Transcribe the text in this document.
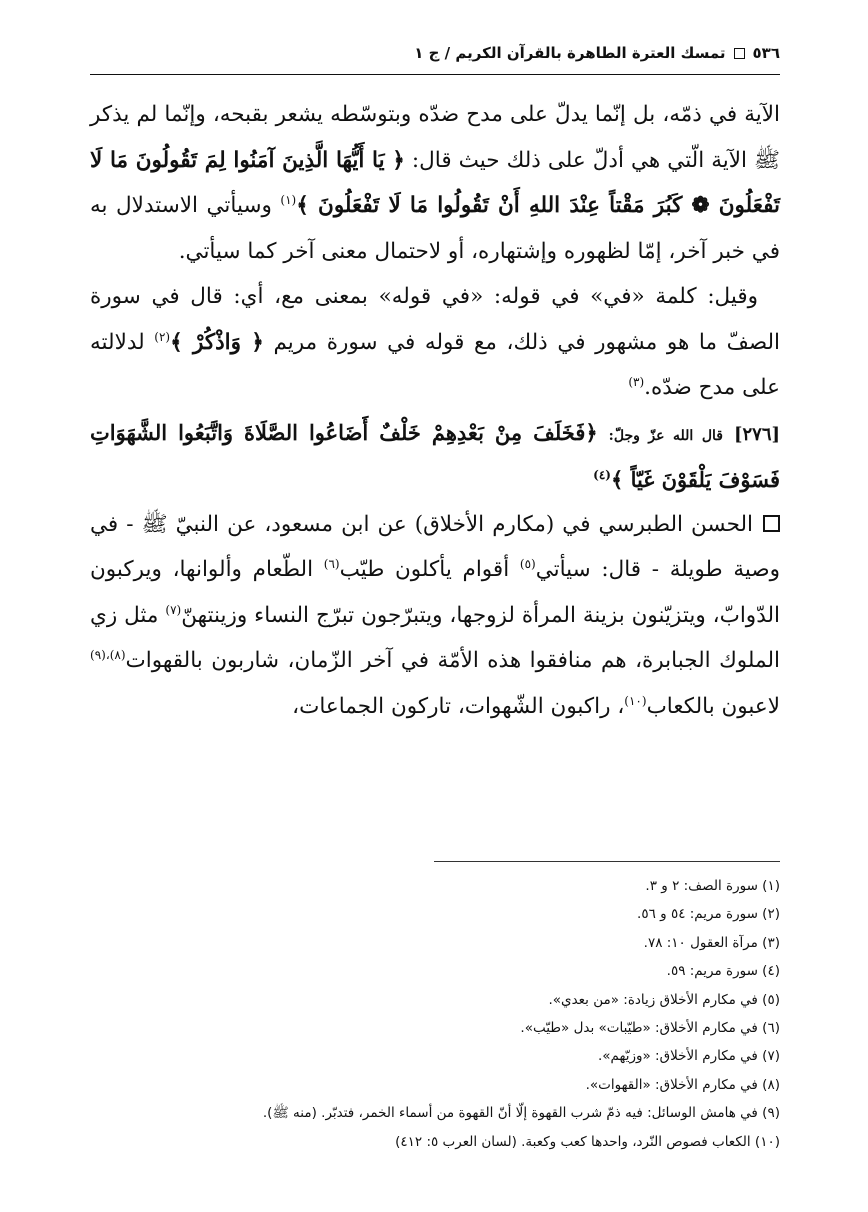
٥٣٦
تمسك العترة الطاهرة بالقرآن الكريم / ج ١

الآية في ذمّه، بل إنّما يدلّ على مدح ضدّه وبتوسّطه يشعر بقبحه، وإنّما لم يذكر ﷺ الآية الّتي هي أدلّ على ذلك حيث قال: ﴿ يَا أَيُّهَا الَّذِينَ آمَنُوا لِمَ تَقُولُونَ مَا لَا تَفْعَلُونَ ❁ كَبُرَ مَقْتاً عِنْدَ اللهِ أَنْ تَقُولُوا مَا لَا تَفْعَلُونَ ﴾$^{(١)}$ وسيأتي الاستدلال به في خبر آخر، إمّا لظهوره وإشتهاره، أو لاحتمال معنى آخر كما سيأتي.

وقيل: كلمة «في» في قوله: «في قوله» بمعنى مع، أي: قال في سورة الصفّ ما هو مشهور في ذلك، مع قوله في سورة مريم ﴿ وَاذْكُرْ ﴾$^{(٢)}$ لدلالته على مدح ضدّه.$^{(٣)}$

[٢٧٦] قال الله عزّ وجلّ: ﴿فَخَلَفَ مِنْ بَعْدِهِمْ خَلْفٌ أَضَاعُوا الصَّلَاةَ وَاتَّبَعُوا الشَّهَوَاتِ فَسَوْفَ يَلْقَوْنَ غَيّاً ﴾$^{(٤)}$

الحسن الطبرسي في (مكارم الأخلاق) عن ابن مسعود، عن النبيّ ﷺ - في وصية طويلة - قال: سيأتي$^{(٥)}$ أقوام يأكلون طيّب$^{(٦)}$ الطّعام وألوانها، ويركبون الدّوابّ، ويتزيّنون بزينة المرأة لزوجها، ويتبرّجون تبرّج النساء وزينتهنّ$^{(٧)}$ مثل زي الملوك الجبابرة، هم منافقوا هذه الأمّة في آخر الزّمان، شاربون بالقهوات$^{(٨)،(٩)}$ لاعبون بالكعاب$^{(١٠)}$، راكبون الشّهوات، تاركون الجماعات،

(١) سورة الصف: ٢ و ٣.
(٢) سورة مريم: ٥٤ و ٥٦.
(٣) مرآة العقول ١٠: ٧٨.
(٤) سورة مريم: ٥٩.
(٥) في مكارم الأخلاق زيادة: «من بعدي».
(٦) في مكارم الأخلاق: «طيّبات» بدل «طيّب».
(٧) في مكارم الأخلاق: «وزيّهم».
(٨) في مكارم الأخلاق: «القهوات».
(٩) في هامش الوسائل: فيه ذمّ شرب القهوة إلّا أنّ القهوة من أسماء الخمر، فتدبّر. (منه ﷺ).
(١٠) الكعاب فصوص النّرد، واحدها كعب وكعبة. (لسان العرب ٥: ٤١٢)
